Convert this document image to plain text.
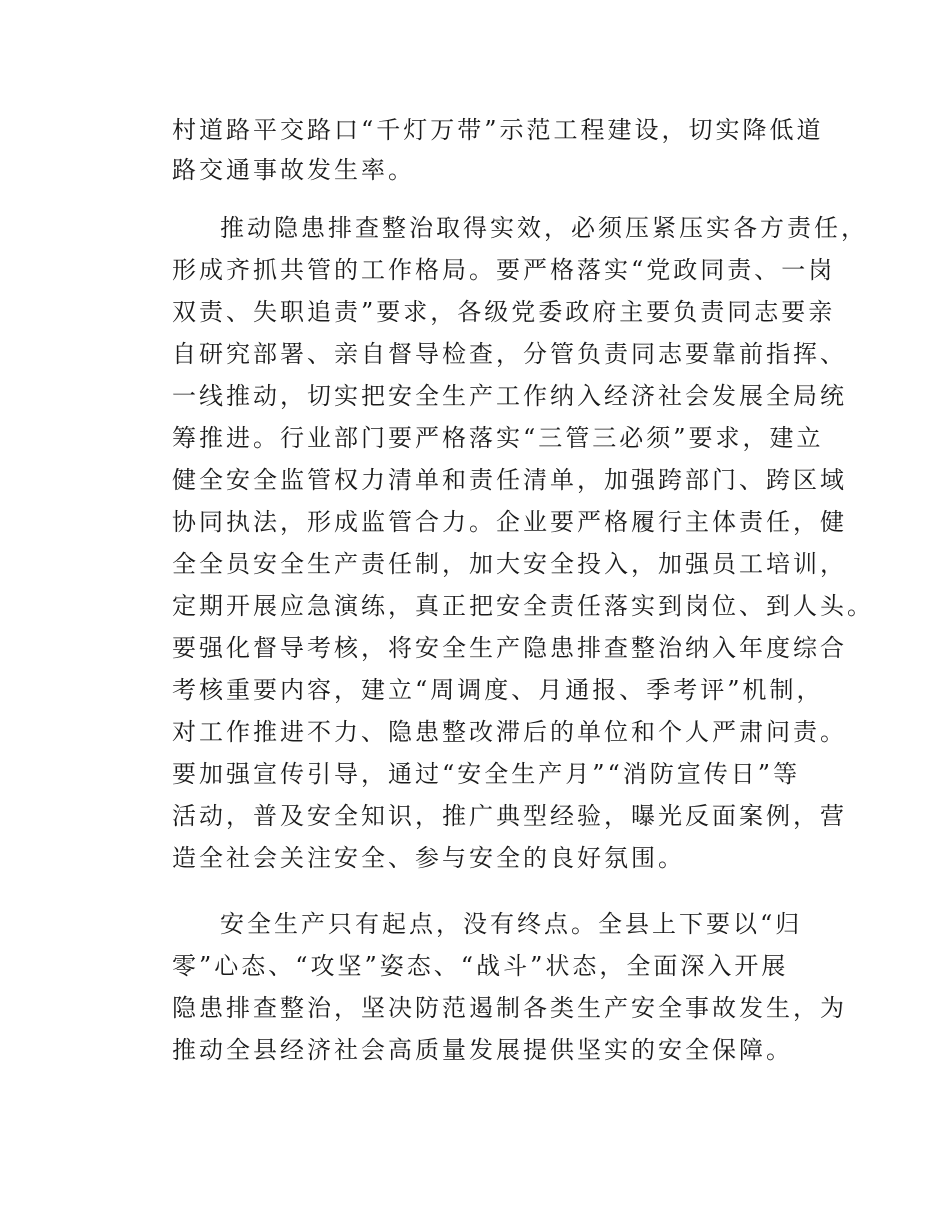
村道路平交路口“千灯万带”示范工程建设，切实降低道
路交通事故发生率。
推动隐患排查整治取得实效，必须压紧压实各方责任，
形成齐抓共管的工作格局。要严格落实“党政同责、一岗
双责、失职追责”要求，各级党委政府主要负责同志要亲
自研究部署、亲自督导检查，分管负责同志要靠前指挥、
一线推动，切实把安全生产工作纳入经济社会发展全局统
筹推进。行业部门要严格落实“三管三必须”要求，建立
健全安全监管权力清单和责任清单，加强跨部门、跨区域
协同执法，形成监管合力。企业要严格履行主体责任，健
全全员安全生产责任制，加大安全投入，加强员工培训，
定期开展应急演练，真正把安全责任落实到岗位、到人头。
要强化督导考核，将安全生产隐患排查整治纳入年度综合
考核重要内容，建立“周调度、月通报、季考评”机制，
对工作推进不力、隐患整改滞后的单位和个人严肃问责。
要加强宣传引导，通过“安全生产月”“消防宣传日”等
活动，普及安全知识，推广典型经验，曝光反面案例，营
造全社会关注安全、参与安全的良好氛围。
安全生产只有起点，没有终点。全县上下要以“归
零”心态、“攻坚”姿态、“战斗”状态，全面深入开展
隐患排查整治，坚决防范遏制各类生产安全事故发生，为
推动全县经济社会高质量发展提供坚实的安全保障。
